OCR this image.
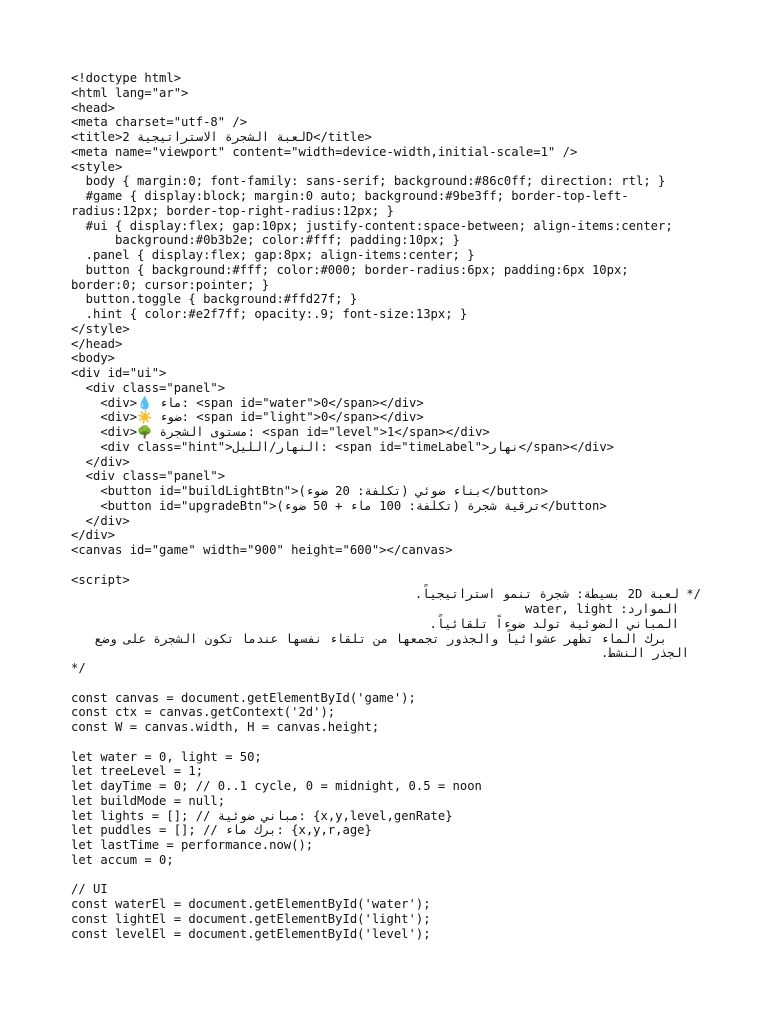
<!doctype html>
<html lang="ar">
<head>
<meta charset="utf-8" />
<title>لعبة الشجرة الاستراتيجية 2D</title>
<meta name="viewport" content="width=device-width,initial-scale=1" />
<style>
body { margin:0; font-family: sans-serif; background:#86c0ff; direction: rtl; }
#game { display:block; margin:0 auto; background:#9be3ff; border-top-left-
radius:12px; border-top-right-radius:12px; }
#ui { display:flex; gap:10px; justify-content:space-between; align-items:center;
background:#0b3b2e; color:#fff; padding:10px; }
.panel { display:flex; gap:8px; align-items:center; }
button { background:#fff; color:#000; border-radius:6px; padding:6px 10px;
border:0; cursor:pointer; }
button.toggle { background:#ffd27f; }
.hint { color:#e2f7ff; opacity:.9; font-size:13px; }
</style>
</head>
<body>
<div id="ui">
<div class="panel">
<div>💧 ماء: <span id="water">0</span></div>
<div>☀️ ضوء: <span id="light">0</span></div>
<div>🌳 مستوى الشجرة: <span id="level">1</span></div>
<div class="hint">النهار/الليل: <span id="timeLabel">نهار</span></div>
</div>
<div class="panel">
<button id="buildLightBtn">بناء ضوئي (تكلفة: 20 ضوء)</button>
<button id="upgradeBtn">ترقية شجرة (تكلفة: 100 ماء + 50 ضوء)</button>
</div>
</div>
<canvas id="game" width="900" height="600"></canvas>
<script>
/* لعبة 2D بسيطة: شجرة تنمو استراتيجياً.
الموارد: water, light
المباني الضوئية تولد ضوءاً تلقائياً.
برك الماء تظهر عشوائياً والجذور تجمعها من تلقاء نفسها عندما تكون الشجرة على وضع الجذر النشط.
*/
const canvas = document.getElementById('game');
const ctx = canvas.getContext('2d');
const W = canvas.width, H = canvas.height;
let water = 0, light = 50;
let treeLevel = 1;
let dayTime = 0; // 0..1 cycle, 0 = midnight, 0.5 = noon
let buildMode = null;
let lights = []; // مباني ضوئية: {x,y,level,genRate}
let puddles = []; // برك ماء: {x,y,r,age}
let lastTime = performance.now();
let accum = 0;
// UI
const waterEl = document.getElementById('water');
const lightEl = document.getElementById('light');
const levelEl = document.getElementById('level');
